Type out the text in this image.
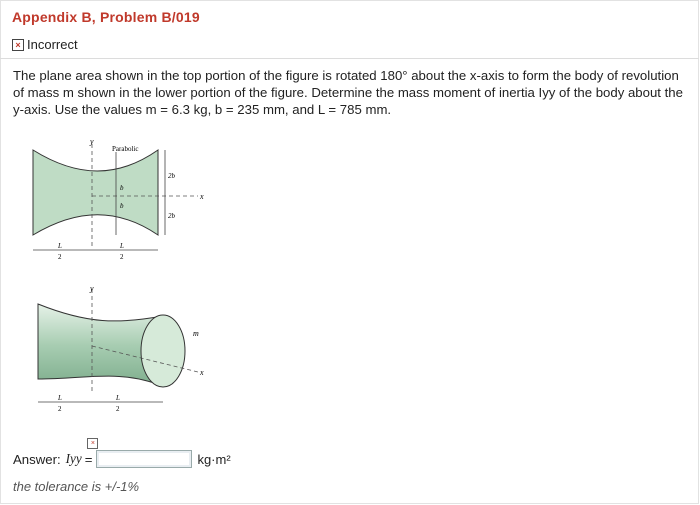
Appendix B, Problem B/019
× Incorrect
The plane area shown in the top portion of the figure is rotated 180° about the x-axis to form the body of revolution of mass m shown in the lower portion of the figure. Determine the mass moment of inertia Iyy of the body about the y-axis. Use the values m = 6.3 kg, b = 235 mm, and L = 785 mm.
y
x
Parabolic
b
b
2b
2b
L
2
L
2
y
x
m
L
2
L
2
Answer: Iyy =
×
kg·m²
the tolerance is +/-1%
